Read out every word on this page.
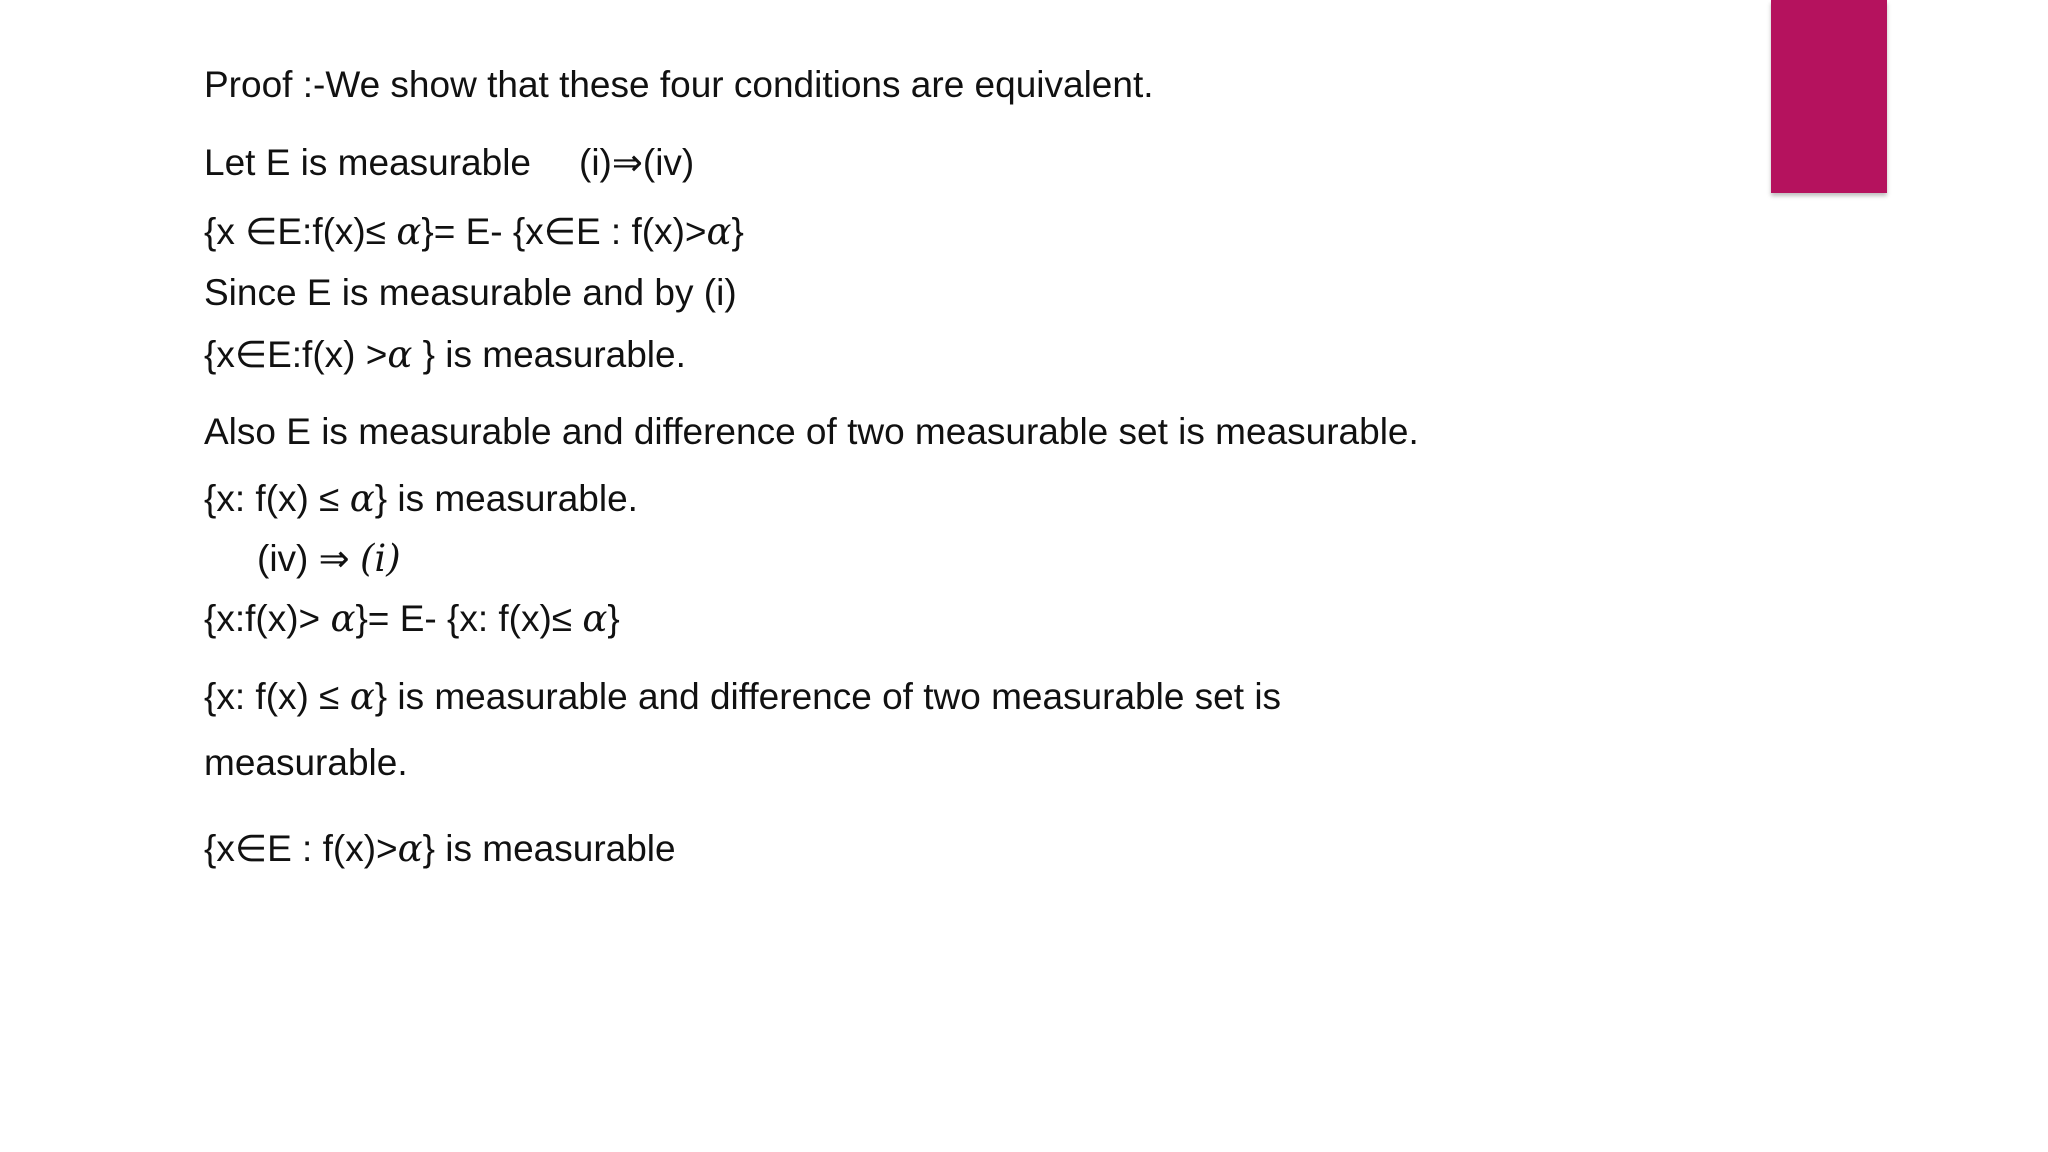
Proof :-We show that these four conditions are equivalent.
Let E is measurable (i)⇒(iv)
{x ∈E:f(x)≤ α}= E- {x∈E : f(x)>α}
Since E is measurable and by (i)
{x∈E:f(x) >α } is measurable.
Also E is measurable and difference of two measurable set is measurable.
{x: f(x) ≤ α} is measurable.
(iv) ⇒ (i)
{x:f(x)> α}= E- {x: f(x)≤ α}
{x: f(x) ≤ α} is measurable and difference of two measurable set is
measurable.
{x∈E : f(x)>α} is measurable
